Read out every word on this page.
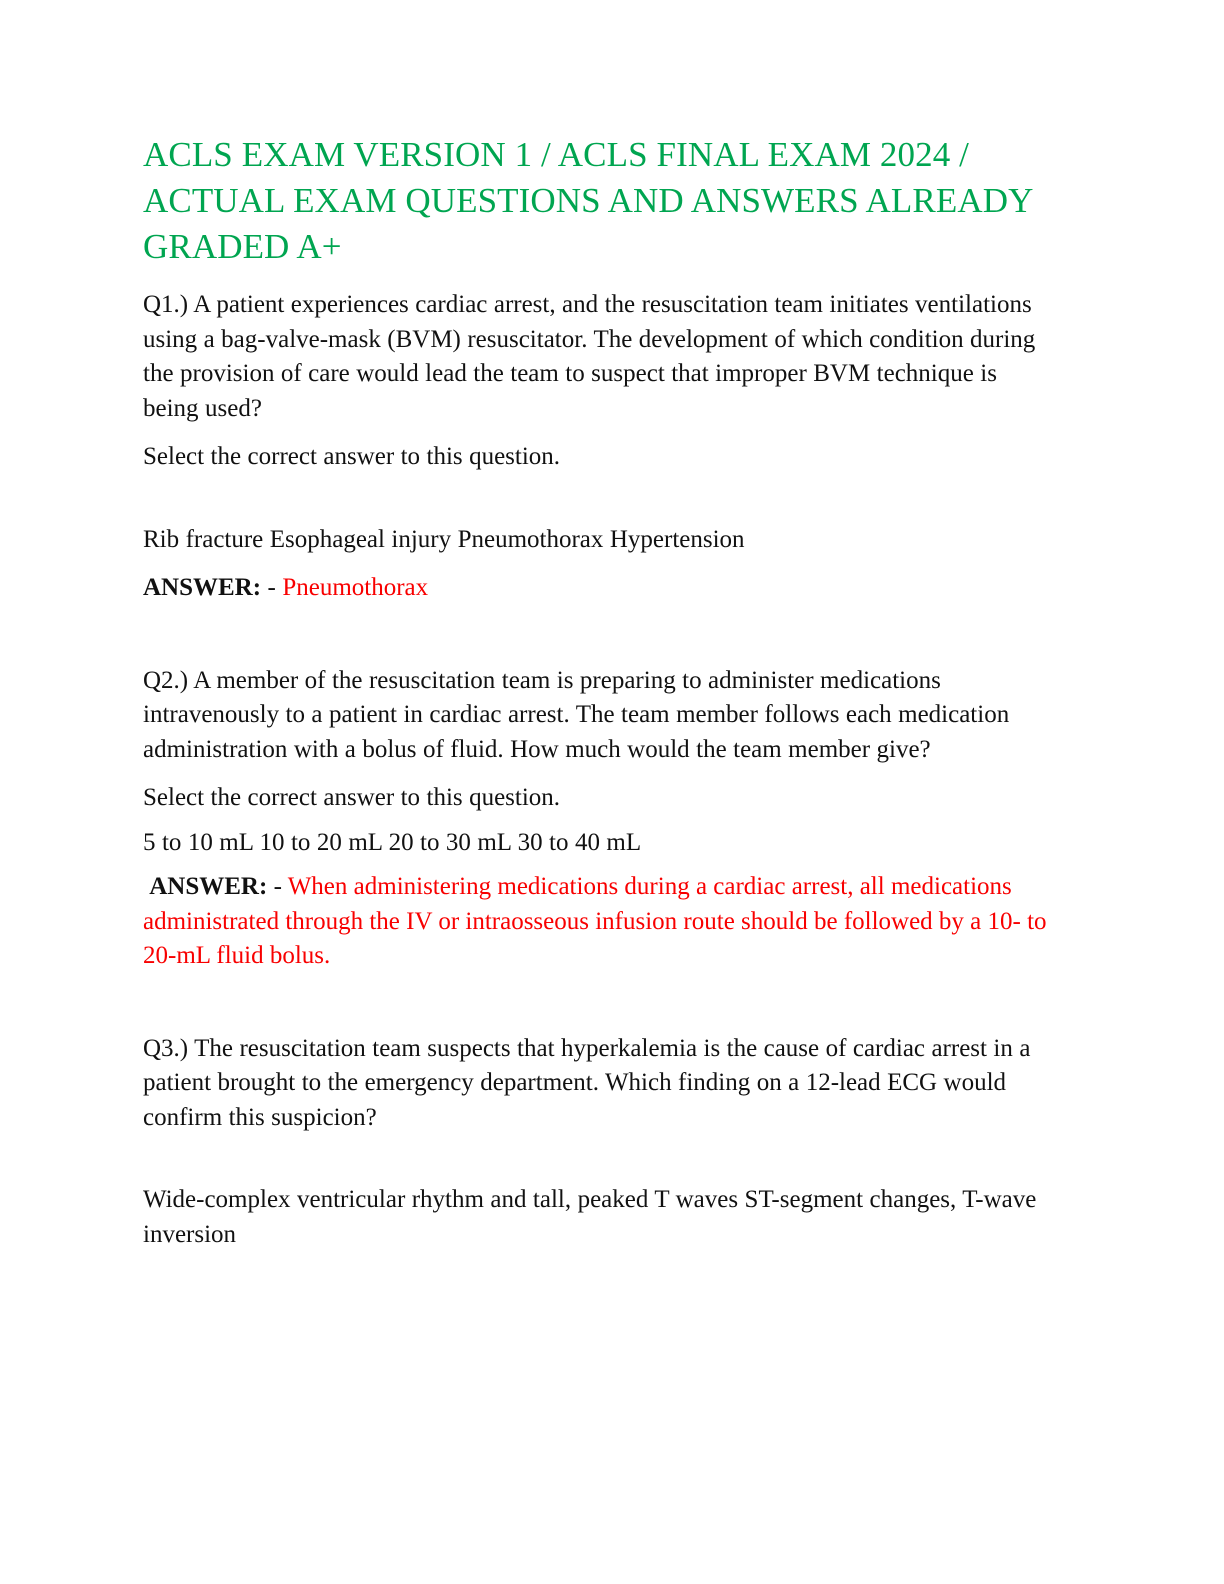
ACLS EXAM VERSION 1 / ACLS FINAL EXAM 2024 / ACTUAL EXAM QUESTIONS AND ANSWERS ALREADY GRADED A+

Q1.) A patient experiences cardiac arrest, and the resuscitation team initiates ventilations using a bag-valve-mask (BVM) resuscitator. The development of which condition during the provision of care would lead the team to suspect that improper BVM technique is being used?

Select the correct answer to this question.

Rib fracture Esophageal injury Pneumothorax Hypertension

ANSWER: - Pneumothorax

Q2.) A member of the resuscitation team is preparing to administer medications intravenously to a patient in cardiac arrest. The team member follows each medication administration with a bolus of fluid. How much would the team member give?

Select the correct answer to this question.

5 to 10 mL 10 to 20 mL 20 to 30 mL 30 to 40 mL

ANSWER: - When administering medications during a cardiac arrest, all medications administrated through the IV or intraosseous infusion route should be followed by a 10- to 20-mL fluid bolus.

Q3.) The resuscitation team suspects that hyperkalemia is the cause of cardiac arrest in a patient brought to the emergency department. Which finding on a 12-lead ECG would confirm this suspicion?

Wide-complex ventricular rhythm and tall, peaked T waves ST-segment changes, T-wave inversion
